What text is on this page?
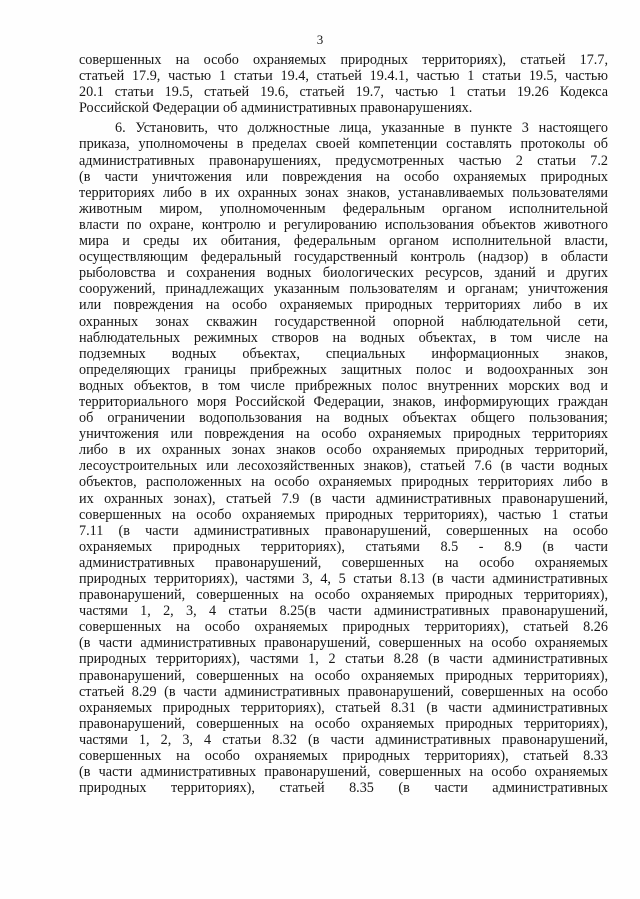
3
совершенных на особо охраняемых природных территориях), статьей 17.7,
статьей 17.9, частью 1 статьи 19.4, статьей 19.4.1, частью 1 статьи 19.5, частью
20.1 статьи 19.5, статьей 19.6, статьей 19.7, частью 1 статьи 19.26 Кодекса
Российской Федерации об административных правонарушениях.
6. Установить, что должностные лица, указанные в пункте 3 настоящего
приказа, уполномочены в пределах своей компетенции составлять протоколы об
административных правонарушениях, предусмотренных частью 2 статьи 7.2
(в части уничтожения или повреждения на особо охраняемых природных
территориях либо в их охранных зонах знаков, устанавливаемых пользователями
животным миром, уполномоченным федеральным органом исполнительной
власти по охране, контролю и регулированию использования объектов животного
мира и среды их обитания, федеральным органом исполнительной власти,
осуществляющим федеральный государственный контроль (надзор) в области
рыболовства и сохранения водных биологических ресурсов, зданий и других
сооружений, принадлежащих указанным пользователям и органам; уничтожения
или повреждения на особо охраняемых природных территориях либо в их
охранных зонах скважин государственной опорной наблюдательной сети,
наблюдательных режимных створов на водных объектах, в том числе на
подземных водных объектах, специальных информационных знаков,
определяющих границы прибрежных защитных полос и водоохранных зон
водных объектов, в том числе прибрежных полос внутренних морских вод и
территориального моря Российской Федерации, знаков, информирующих граждан
об ограничении водопользования на водных объектах общего пользования;
уничтожения или повреждения на особо охраняемых природных территориях
либо в их охранных зонах знаков особо охраняемых природных территорий,
лесоустроительных или лесохозяйственных знаков), статьей 7.6 (в части водных
объектов, расположенных на особо охраняемых природных территориях либо в
их охранных зонах), статьей 7.9 (в части административных правонарушений,
совершенных на особо охраняемых природных территориях), частью 1 статьи
7.11 (в части административных правонарушений, совершенных на особо
охраняемых природных территориях), статьями 8.5 - 8.9 (в части
административных правонарушений, совершенных на особо охраняемых
природных территориях), частями 3, 4, 5 статьи 8.13 (в части административных
правонарушений, совершенных на особо охраняемых природных территориях),
частями 1, 2, 3, 4 статьи 8.25(в части административных правонарушений,
совершенных на особо охраняемых природных территориях), статьей 8.26
(в части административных правонарушений, совершенных на особо охраняемых
природных территориях), частями 1, 2 статьи 8.28 (в части административных
правонарушений, совершенных на особо охраняемых природных территориях),
статьей 8.29 (в части административных правонарушений, совершенных на особо
охраняемых природных территориях), статьей 8.31 (в части административных
правонарушений, совершенных на особо охраняемых природных территориях),
частями 1, 2, 3, 4 статьи 8.32 (в части административных правонарушений,
совершенных на особо охраняемых природных территориях), статьей 8.33
(в части административных правонарушений, совершенных на особо охраняемых
природных территориях), статьей 8.35 (в части административных
